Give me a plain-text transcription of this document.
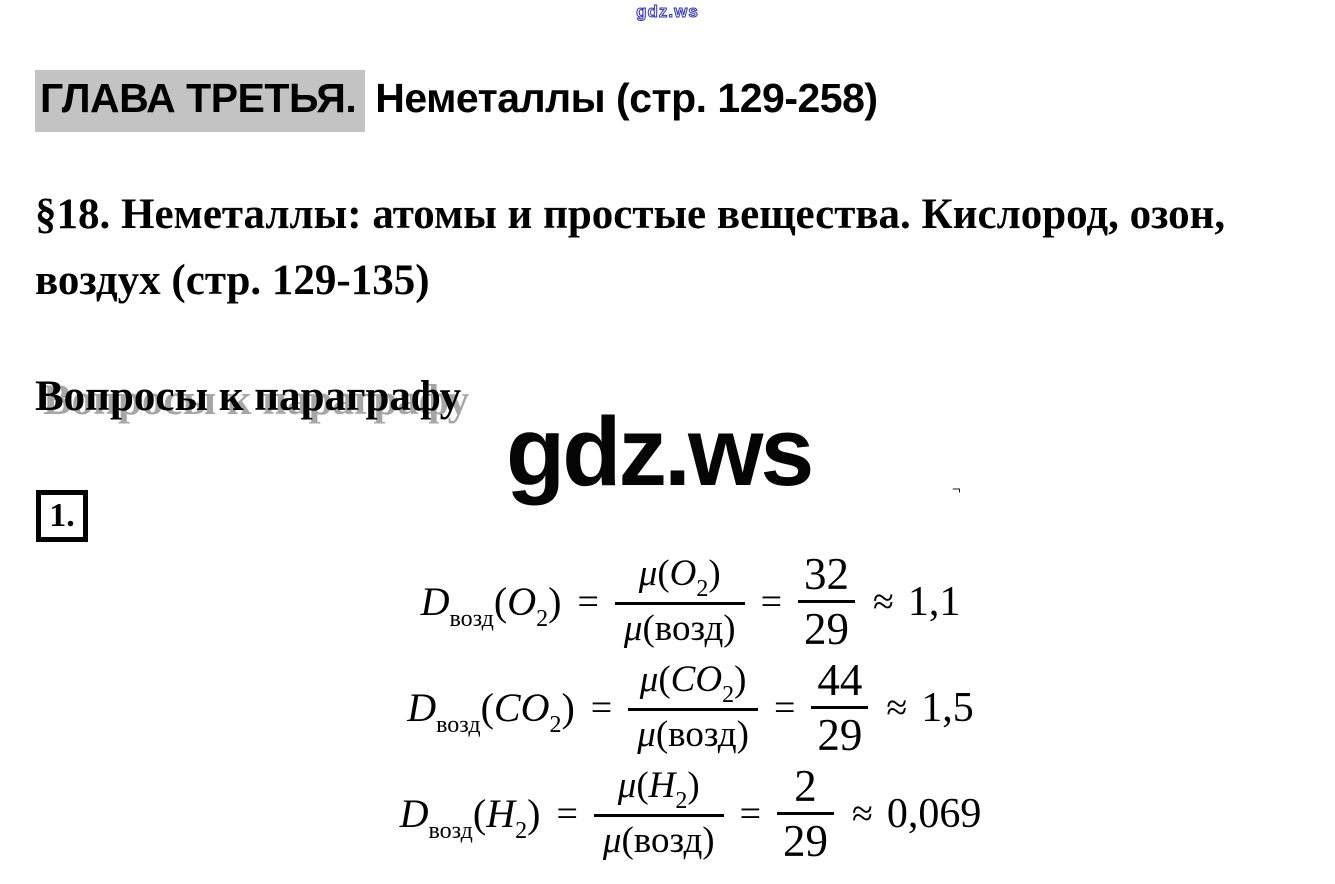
gdz.ws
ГЛАВА ТРЕТЬЯ. Неметаллы (стр. 129-258)
§18. Неметаллы: атомы и простые вещества. Кислород, озон,
воздух (стр. 129-135)
Вопросы к параграфу
gdz.ws	¬
1.
$D_{возд}(O_2) = \frac{\mu(O_2)}{\text{μ(возд)}} = \frac{32}{29} \approx 1,1$
$D_{возд}(CO_2) = \frac{\mu(CO_2)}{\text{μ(возд)}} = \frac{44}{29} \approx 1,5$
$D_{возд}(H_2) = \frac{\mu(H_2)}{\text{μ(возд)}} = \frac{2}{29} \approx 0,069$
